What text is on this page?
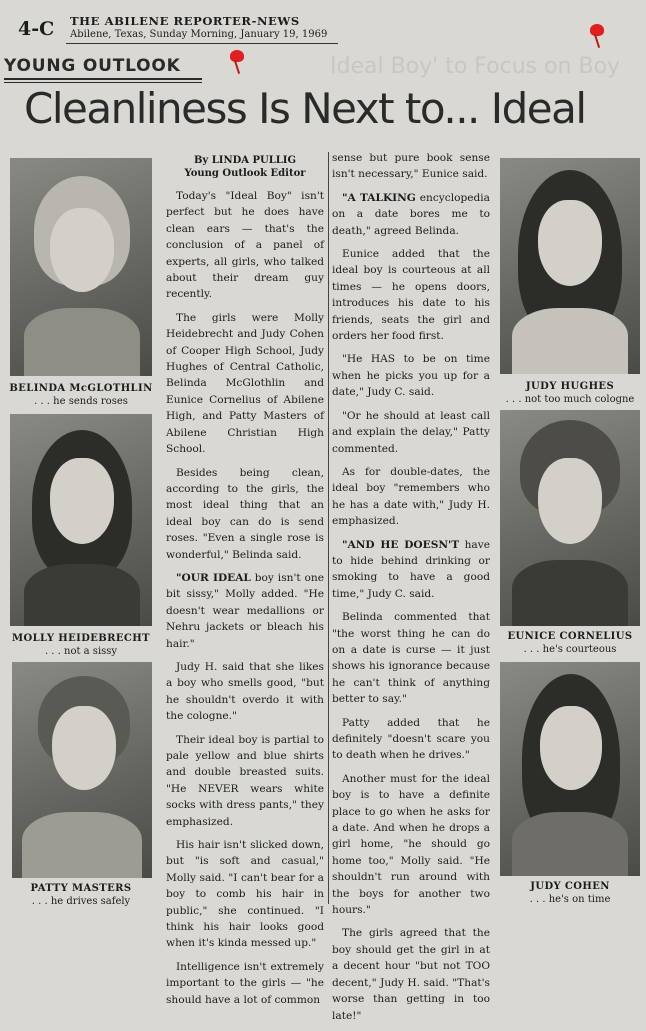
4-C THE ABILENE REPORTER-NEWS
Abilene, Texas, Sunday Morning, January 19, 1969
YOUNG OUTLOOK	Ideal Boy' to Focus on Boy
Cleanliness Is Next to... Ideal
BELINDA McGLOTHLIN
. . . he sends roses
MOLLY HEIDEBRECHT
. . . not a sissy
PATTY MASTERS
. . . he drives safely
JUDY HUGHES
. . . not too much cologne
EUNICE CORNELIUS
. . . he's courteous
JUDY COHEN
. . . he's on time
By LINDA PULLIG
Young Outlook Editor

Today's "Ideal Boy" isn't perfect but he does have clean ears — that's the conclusion of a panel of experts, all girls, who talked about their dream guy recently.

The girls were Molly Heidebrecht and Judy Cohen of Cooper High School, Judy Hughes of Central Catholic, Belinda McGlothlin and Eunice Cornelius of Abilene High, and Patty Masters of Abilene Christian High School.

Besides being clean, according to the girls, the most ideal thing that an ideal boy can do is send roses. "Even a single rose is wonderful," Belinda said.

"OUR IDEAL boy isn't one bit sissy," Molly added. "He doesn't wear medallions or Nehru jackets or bleach his hair."

Judy H. said that she likes a boy who smells good, "but he shouldn't overdo it with the cologne."

Their ideal boy is partial to pale yellow and blue shirts and double breasted suits. "He NEVER wears white socks with dress pants," they emphasized.

His hair isn't slicked down, but "is soft and casual," Molly said. "I can't bear for a boy to comb his hair in public," she continued. "I think his hair looks good when it's kinda messed up."

Intelligence isn't extremely important to the girls — "he should have a lot of common

sense but pure book sense isn't necessary," Eunice said.

"A TALKING encyclopedia on a date bores me to death," agreed Belinda.

Eunice added that the ideal boy is courteous at all times — he opens doors, introduces his date to his friends, seats the girl and orders her food first.

"He HAS to be on time when he picks you up for a date," Judy C. said.

"Or he should at least call and explain the delay," Patty commented.

As for double-dates, the ideal boy "remembers who he has a date with," Judy H. emphasized.

"AND HE DOESN'T have to hide behind drinking or smoking to have a good time," Judy C. said.

Belinda commented that "the worst thing he can do on a date is curse — it just shows his ignorance because he can't think of anything better to say."

Patty added that he definitely "doesn't scare you to death when he drives."

Another must for the ideal boy is to have a definite place to go when he asks for a date. And when he drops a girl home, "he should go home too," Molly said. "He shouldn't run around with the boys for another two hours."

The girls agreed that the boy should get the girl in at a decent hour "but not TOO decent," Judy H. said. "That's worse than getting in too late!"
